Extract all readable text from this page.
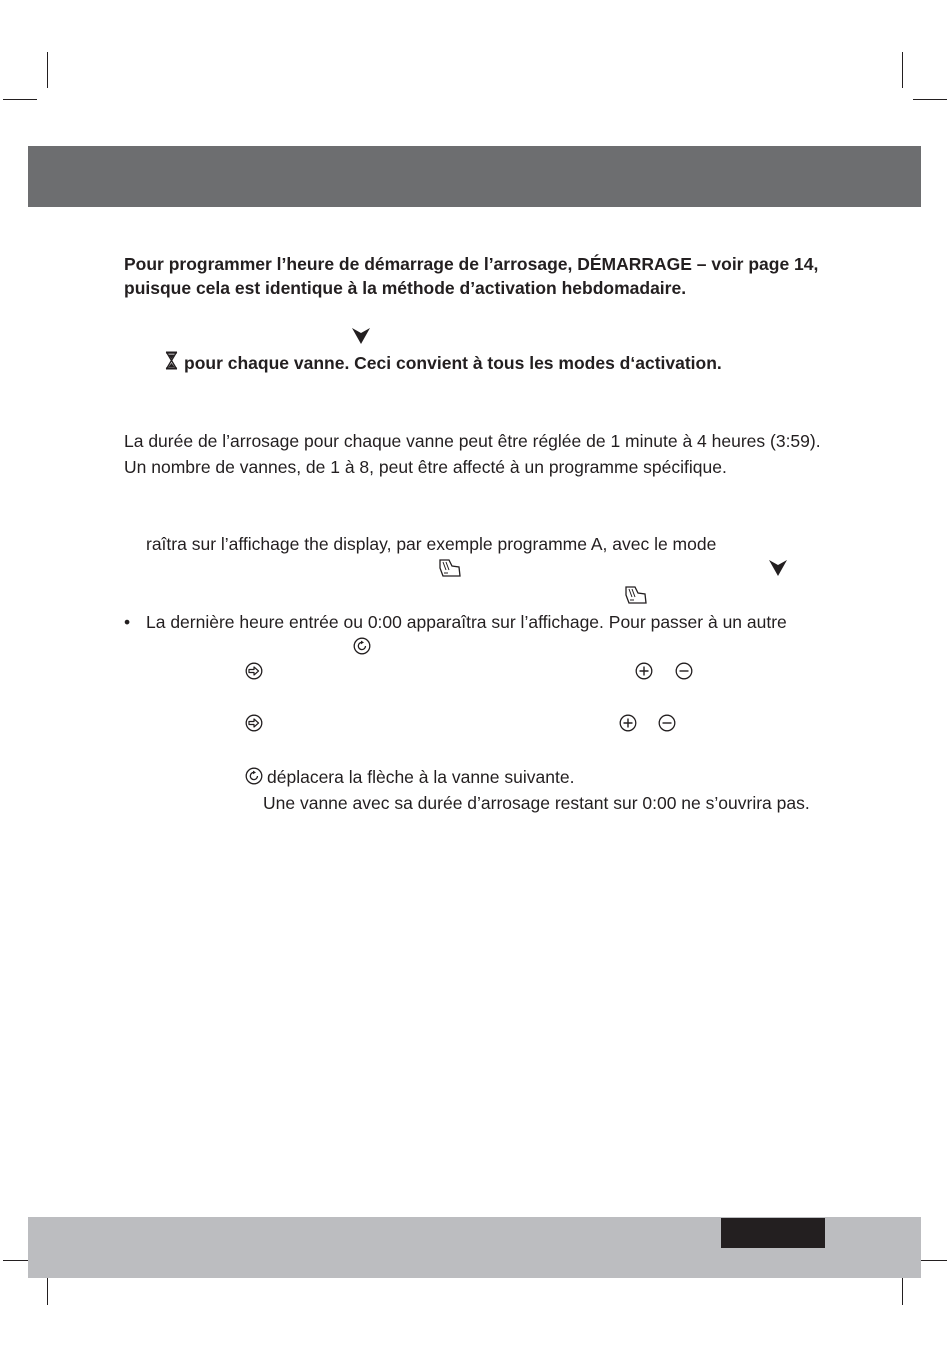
Pour programmer l’heure de démarrage de l’arrosage, DÉMARRAGE – voir page 14,
puisque cela est identique à la méthode d’activation hebdomadaire.
pour chaque vanne. Ceci convient à tous les modes d‘activation.
La durée de l’arrosage pour chaque vanne peut être réglée de 1 minute à 4 heures (3:59).
Un nombre de vannes, de 1 à 8, peut être affecté à un programme spécifique.
raîtra sur l’affichage the display, par exemple programme A, avec le mode
• La dernière heure entrée ou 0:00 apparaîtra sur l’affichage. Pour passer à un autre
déplacera la flèche à la vanne suivante.
Une vanne avec sa durée d’arrosage restant sur 0:00 ne s’ouvrira pas.
